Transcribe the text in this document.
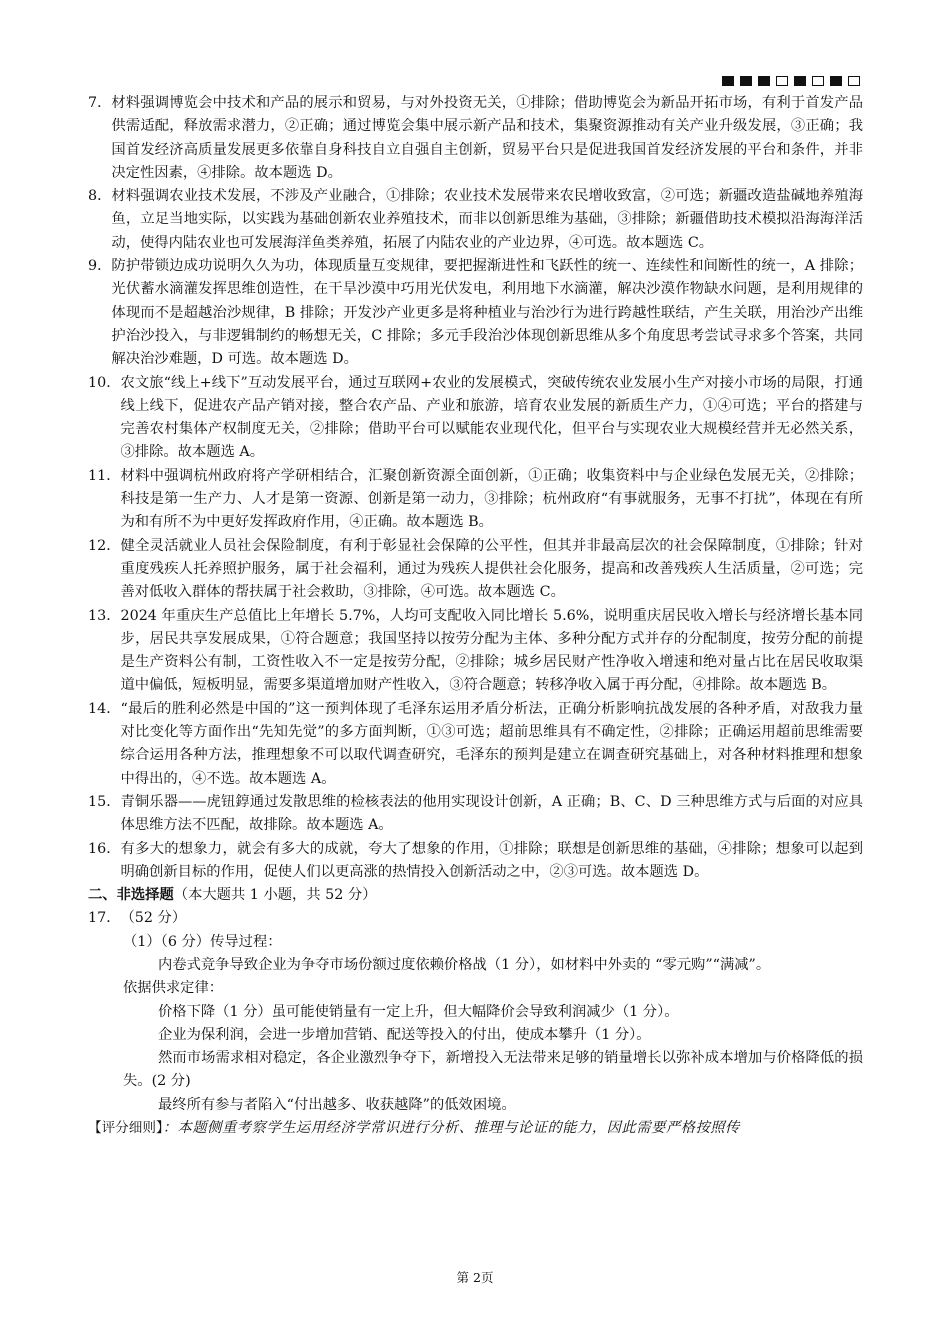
7． 材料强调博览会中技术和产品的展示和贸易，与对外投资无关，①排除；借助博览会为新品开拓市场，有利于首发产品供需适配，释放需求潜力，②正确；通过博览会集中展示新产品和技术，集聚资源推动有关产业升级发展，③正确；我国首发经济高质量发展更多依靠自身科技自立自强自主创新，贸易平台只是促进我国首发经济发展的平台和条件，并非决定性因素，④排除。故本题选 D。
8． 材料强调农业技术发展，不涉及产业融合，①排除；农业技术发展带来农民增收致富，②可选；新疆改造盐碱地养殖海鱼，立足当地实际，以实践为基础创新农业养殖技术，而非以创新思维为基础，③排除；新疆借助技术模拟沿海海洋活动，使得内陆农业也可发展海洋鱼类养殖，拓展了内陆农业的产业边界，④可选。故本题选 C。
9． 防护带锁边成功说明久久为功，体现质量互变规律，要把握渐进性和飞跃性的统一、连续性和间断性的统一，A 排除；光伏蓄水滴灌发挥思维创造性，在干旱沙漠中巧用光伏发电，利用地下水滴灌，解决沙漠作物缺水问题，是利用规律的体现而不是超越治沙规律，B 排除；开发沙产业更多是将种植业与治沙行为进行跨越性联结，产生关联，用治沙产出维护治沙投入，与非逻辑制约的畅想无关，C 排除；多元手段治沙体现创新思维从多个角度思考尝试寻求多个答案，共同解决治沙难题，D 可选。故本题选 D。
10． 农文旅“线上+线下”互动发展平台，通过互联网+农业的发展模式，突破传统农业发展小生产对接小市场的局限，打通线上线下，促进农产品产销对接，整合农产品、产业和旅游，培育农业发展的新质生产力，①④可选；平台的搭建与完善农村集体产权制度无关，②排除；借助平台可以赋能农业现代化，但平台与实现农业大规模经营并无必然关系，③排除。故本题选 A。
11． 材料中强调杭州政府将产学研相结合，汇聚创新资源全面创新，①正确；收集资料中与企业绿色发展无关，②排除；科技是第一生产力、人才是第一资源、创新是第一动力，③排除；杭州政府“有事就服务，无事不打扰”，体现在有所为和有所不为中更好发挥政府作用，④正确。故本题选 B。
12． 健全灵活就业人员社会保险制度，有利于彰显社会保障的公平性，但其并非最高层次的社会保障制度，①排除；针对重度残疾人托养照护服务，属于社会福利，通过为残疾人提供社会化服务，提高和改善残疾人生活质量，②可选；完善对低收入群体的帮扶属于社会救助，③排除，④可选。故本题选 C。
13． 2024 年重庆生产总值比上年增长 5.7%，人均可支配收入同比增长 5.6%，说明重庆居民收入增长与经济增长基本同步，居民共享发展成果，①符合题意；我国坚持以按劳分配为主体、多种分配方式并存的分配制度，按劳分配的前提是生产资料公有制，工资性收入不一定是按劳分配，②排除；城乡居民财产性净收入增速和绝对量占比在居民收取渠道中偏低，短板明显，需要多渠道增加财产性收入，③符合题意；转移净收入属于再分配，④排除。故本题选 B。
14． “最后的胜利必然是中国的”这一预判体现了毛泽东运用矛盾分析法，正确分析影响抗战发展的各种矛盾，对敌我力量对比变化等方面作出“先知先觉”的多方面判断，①③可选；超前思维具有不确定性，②排除；正确运用超前思维需要综合运用各种方法，推理想象不可以取代调查研究，毛泽东的预判是建立在调查研究基础上，对各种材料推理和想象中得出的，④不选。故本题选 A。
15． 青铜乐器——虎钮錞通过发散思维的检核表法的他用实现设计创新，A 正确；B、C、D 三种思维方式与后面的对应具体思维方法不匹配，故排除。故本题选 A。
16． 有多大的想象力，就会有多大的成就，夸大了想象的作用，①排除；联想是创新思维的基础，④排除；想象可以起到明确创新目标的作用，促使人们以更高涨的热情投入创新活动之中，②③可选。故本题选 D。
二、非选择题（本大题共 1 小题，共 52 分）
17． （52 分）
（1）（6 分）传导过程：
内卷式竞争导致企业为争夺市场份额过度依赖价格战（1 分），如材料中外卖的 “零元购”“满减”。
依据供求定律：
价格下降（1 分）虽可能使销量有一定上升，但大幅降价会导致利润减少（1 分）。
企业为保利润，会进一步增加营销、配送等投入的付出，使成本攀升（1 分）。
然而市场需求相对稳定，各企业激烈争夺下，新增投入无法带来足够的销量增长以弥补成本增加与价格降低的损失。(2 分)
最终所有参与者陷入“付出越多、收获越降”的低效困境。
【评分细则】：本题侧重考察学生运用经济学常识进行分析、推理与论证的能力，因此需要严格按照传
第 2页
